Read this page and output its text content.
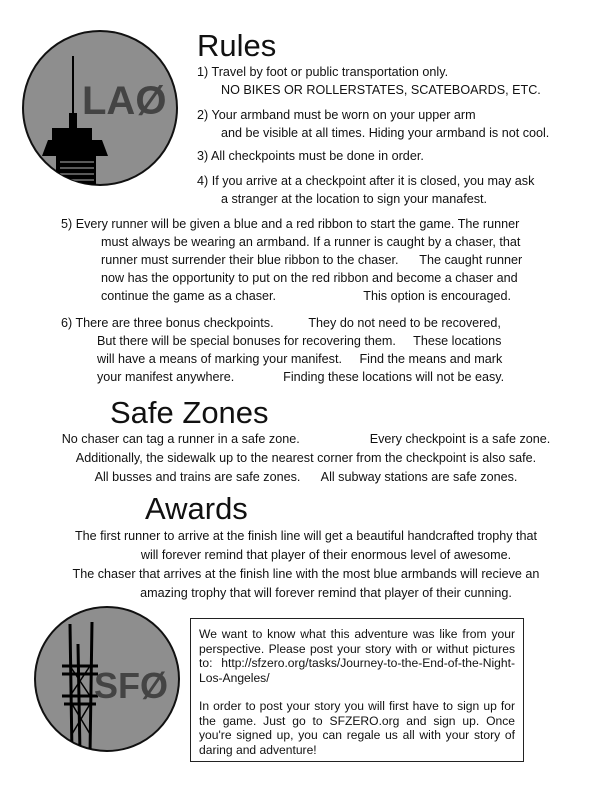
LAØ
Rules
1) Travel by foot or public transportation only.
NO BIKES OR ROLLERSTATES, SCATEBOARDS, ETC.
2) Your armband must be worn on your upper arm
and be visible at all times. Hiding your armband is not cool.
3) All checkpoints must be done in order.
4) If you arrive at a checkpoint after it is closed, you may ask
a stranger at the location to sign your manafest.
5) Every runner will be given a blue and a red ribbon to start the game. The runner
must always be wearing an armband. If a runner is caught by a chaser, that
runner must surrender their blue ribbon to the chaser.      The caught runner
now has the opportunity to put on the red ribbon and become a chaser and
continue the game as a chaser.                         This option is encouraged.
6) There are three bonus checkpoints.          They do not need to be recovered,
But there will be special bonuses for recovering them.     These locations
will have a means of marking your manifest.     Find the means and mark
your manifest anywhere.              Finding these locations will not be easy.
Safe Zones
No chaser can tag a runner in a safe zone.                    Every checkpoint is a safe zone.
Additionally, the sidewalk up to the nearest corner from the checkpoint is also safe.
All busses and trains are safe zones.      All subway stations are safe zones.
Awards
The first runner to arrive at the finish line will get a beautiful handcrafted trophy that
will forever remind that player of their enormous level of awesome.
The chaser that arrives at the finish line with the most blue armbands will recieve an
amazing trophy that will forever remind that player of their cunning.
SFØ

We want to know what this adventure was like from your perspective. Please post your story with or withut pictures to: http://sfzero.org/tasks/Journey-to-the-End-of-the-Night-Los-Angeles/

In order to post your story you will first have to sign up for the game. Just go to SFZERO.org and sign up. Once you're signed up, you can regale us all with your story of daring and adventure!
